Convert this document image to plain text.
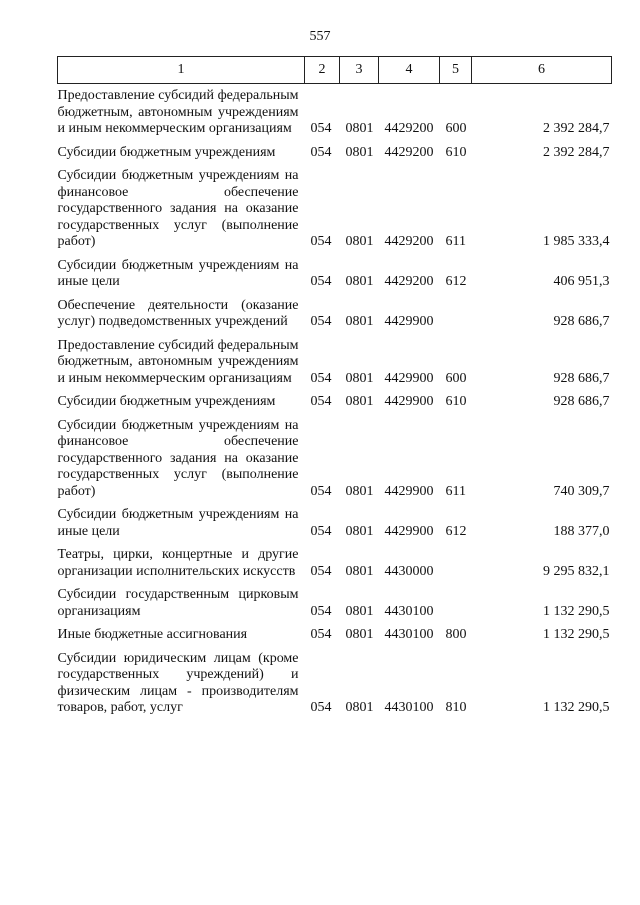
557
1	2	3	4	5	6
Предоставление субсидий федеральным бюджетным, автономным учреждениям и иным некоммерческим организациям	054	0801	4429200	600	2 392 284,7
Субсидии бюджетным учреждениям	054	0801	4429200	610	2 392 284,7
Субсидии бюджетным учреждениям на финансовое обеспечение государственного задания на оказание государственных услуг (выполнение работ)	054	0801	4429200	611	1 985 333,4
Субсидии бюджетным учреждениям на иные цели	054	0801	4429200	612	406 951,3
Обеспечение деятельности (оказание услуг) подведомственных учреждений	054	0801	4429900		928 686,7
Предоставление субсидий федеральным бюджетным, автономным учреждениям и иным некоммерческим организациям	054	0801	4429900	600	928 686,7
Субсидии бюджетным учреждениям	054	0801	4429900	610	928 686,7
Субсидии бюджетным учреждениям на финансовое обеспечение государственного задания на оказание государственных услуг (выполнение работ)	054	0801	4429900	611	740 309,7
Субсидии бюджетным учреждениям на иные цели	054	0801	4429900	612	188 377,0
Театры, цирки, концертные и другие организации исполнительских искусств	054	0801	4430000		9 295 832,1
Субсидии государственным цирковым организациям	054	0801	4430100		1 132 290,5
Иные бюджетные ассигнования	054	0801	4430100	800	1 132 290,5
Субсидии юридическим лицам (кроме государственных учреждений) и физическим лицам - производителям товаров, работ, услуг	054	0801	4430100	810	1 132 290,5
